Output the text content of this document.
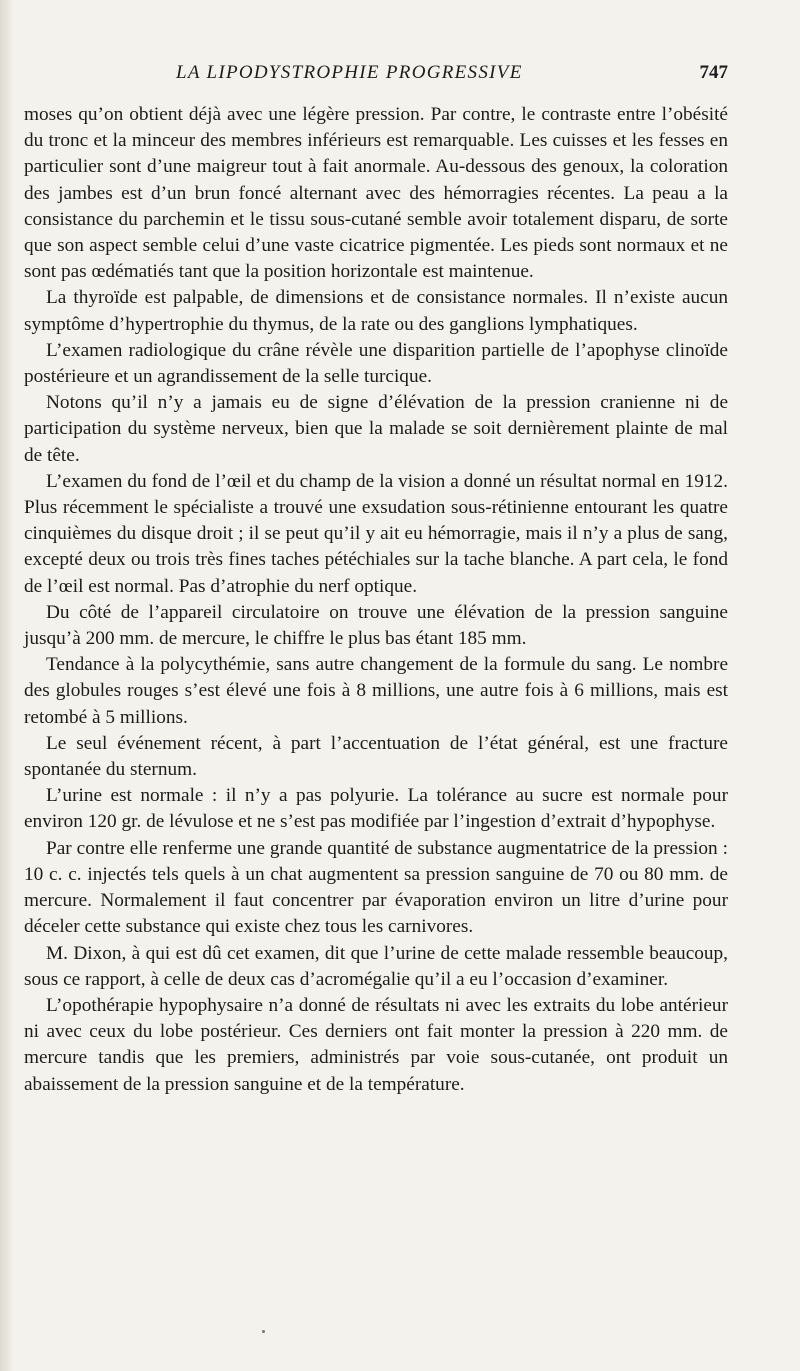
LA LIPODYSTROPHIE PROGRESSIVE	747

moses qu’on obtient déjà avec une légère pression. Par contre, le contraste entre l’obésité du tronc et la minceur des membres inférieurs est remarquable. Les cuisses et les fesses en particulier sont d’une maigreur tout à fait anormale. Au-dessous des genoux, la coloration des jambes est d’un brun foncé alternant avec des hémorragies récentes. La peau a la consistance du parchemin et le tissu sous-cutané semble avoir totalement disparu, de sorte que son aspect semble celui d’une vaste cicatrice pigmentée. Les pieds sont normaux et ne sont pas œdématiés tant que la position horizontale est maintenue.

La thyroïde est palpable, de dimensions et de consistance normales. Il n’existe aucun symptôme d’hypertrophie du thymus, de la rate ou des ganglions lymphatiques.

L’examen radiologique du crâne révèle une disparition partielle de l’apophyse clinoïde postérieure et un agrandissement de la selle turcique.

Notons qu’il n’y a jamais eu de signe d’élévation de la pression cranienne ni de participation du système nerveux, bien que la malade se soit dernièrement plainte de mal de tête.

L’examen du fond de l’œil et du champ de la vision a donné un résultat normal en 1912. Plus récemment le spécialiste a trouvé une exsudation sous-rétinienne entourant les quatre cinquièmes du disque droit ; il se peut qu’il y ait eu hémorragie, mais il n’y a plus de sang, excepté deux ou trois très fines taches pétéchiales sur la tache blanche. A part cela, le fond de l’œil est normal. Pas d’atrophie du nerf optique.

Du côté de l’appareil circulatoire on trouve une élévation de la pression sanguine jusqu’à 200 mm. de mercure, le chiffre le plus bas étant 185 mm.

Tendance à la polycythémie, sans autre changement de la formule du sang. Le nombre des globules rouges s’est élevé une fois à 8 millions, une autre fois à 6 millions, mais est retombé à 5 millions.

Le seul événement récent, à part l’accentuation de l’état général, est une fracture spontanée du sternum.

L’urine est normale : il n’y a pas polyurie. La tolérance au sucre est normale pour environ 120 gr. de lévulose et ne s’est pas modifiée par l’ingestion d’extrait d’hypophyse.

Par contre elle renferme une grande quantité de substance augmentatrice de la pression : 10 c. c. injectés tels quels à un chat augmentent sa pression sanguine de 70 ou 80 mm. de mercure. Normalement il faut concentrer par évaporation environ un litre d’urine pour déceler cette substance qui existe chez tous les carnivores.

M. Dixon, à qui est dû cet examen, dit que l’urine de cette malade ressemble beaucoup, sous ce rapport, à celle de deux cas d’acromégalie qu’il a eu l’occasion d’examiner.

L’opothérapie hypophysaire n’a donné de résultats ni avec les extraits du lobe antérieur ni avec ceux du lobe postérieur. Ces derniers ont fait monter la pression à 220 mm. de mercure tandis que les premiers, administrés par voie sous-cutanée, ont produit un abaissement de la pression sanguine et de la température.
